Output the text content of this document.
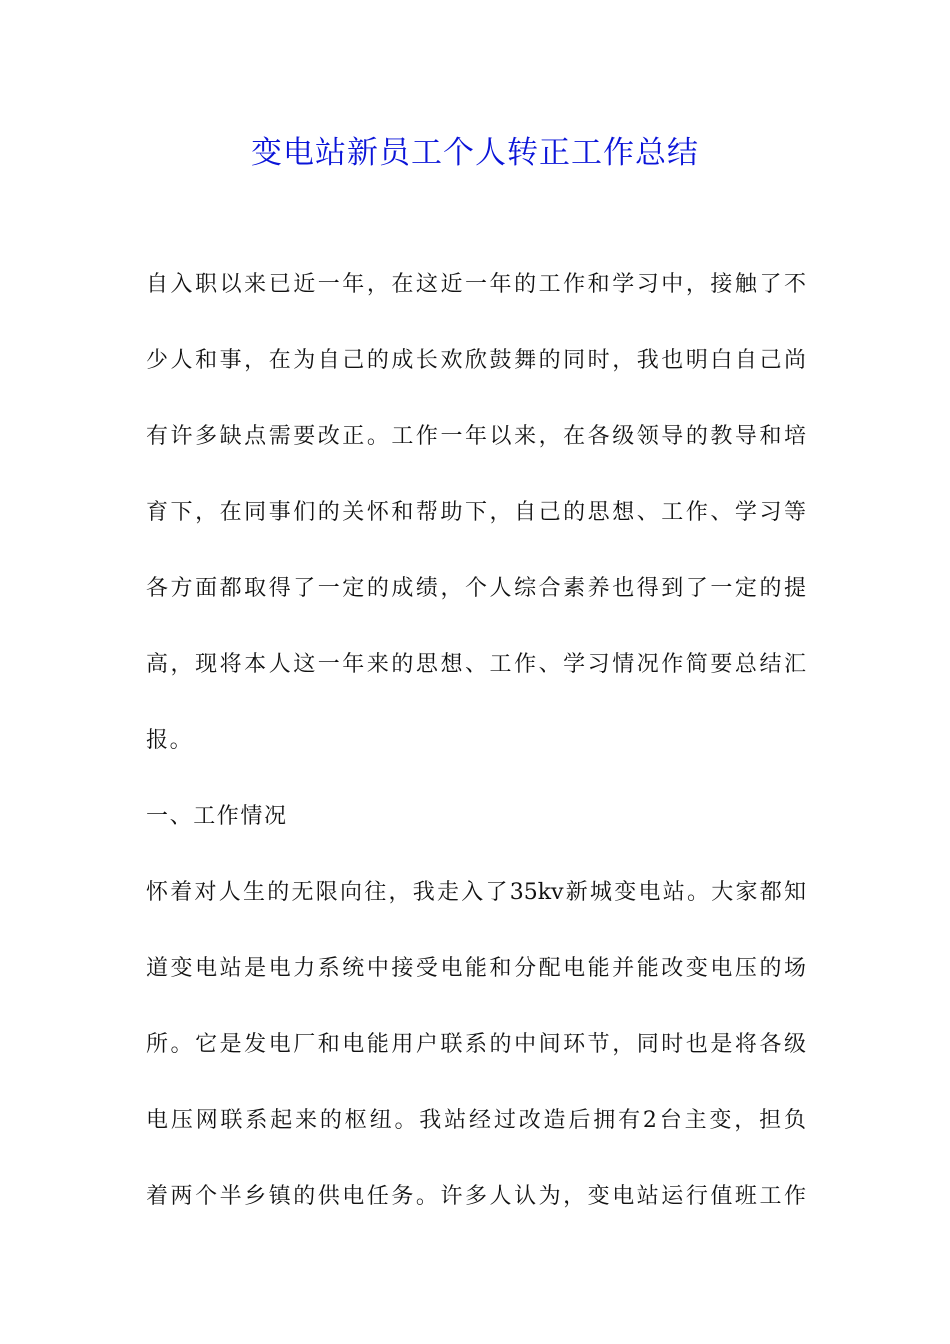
变电站新员工个人转正工作总结
自入职以来已近一年，在这近一年的工作和学习中，接触了不
少人和事，在为自己的成长欢欣鼓舞的同时，我也明白自己尚
有许多缺点需要改正。工作一年以来，在各级领导的教导和培
育下，在同事们的关怀和帮助下，自己的思想、工作、学习等
各方面都取得了一定的成绩，个人综合素养也得到了一定的提
高，现将本人这一年来的思想、工作、学习情况作简要总结汇
报。
一、工作情况
怀着对人生的无限向往，我走入了35kv新城变电站。大家都知
道变电站是电力系统中接受电能和分配电能并能改变电压的场
所。它是发电厂和电能用户联系的中间环节，同时也是将各级
电压网联系起来的枢纽。我站经过改造后拥有2台主变，担负
着两个半乡镇的供电任务。许多人认为，变电站运行值班工作
